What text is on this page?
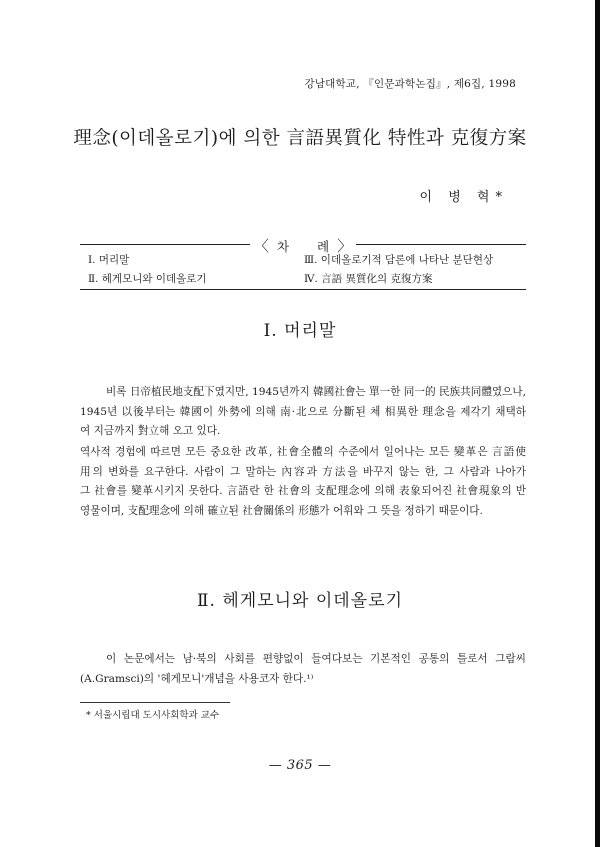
강남대학교, 『인문과학논집』, 제6집, 1998
理念(이데올로기)에 의한 言語異質化 特性과 克復方案
이 병 혁*
〈 차 례
〉
I. 머리말	Ⅲ. 이데올로기적 담론에 나타난 분단현상
Ⅱ. 헤게모니와 이데올로기	Ⅳ. 言語 異質化의 克復方案
Ⅰ. 머리말
비록 日帝植民地支配下였지만, 1945년까지 韓國社會는 單一한 同一的 民族共同體였으나,
1945년 以後부터는 韓國이 外勢에 의해 南·北으로 分斷된 체 相異한 理念을 제각기 채택하
여 지금까지 對立해 오고 있다.
역사적 경험에 따르면 모든 중요한 改革, 社會全體의 수준에서 일어나는 모든 變革은 言語使
用의 변화를 요구한다. 사람이 그 말하는 內容과 方法을 바꾸지 않는 한, 그 사람과 나아가
그 社會를 變革시키지 못한다. 言語란 한 社會의 支配理念에 의해 表象되어진 社會現象의 반
영물이며, 支配理念에 의해 確立된 社會關係의 形態가 어휘와 그 뜻을 정하기 때문이다.
Ⅱ. 헤게모니와 이데올로기
이 논문에서는 남·북의 사회를 편향없이 들여다보는 기본적인 공통의 틀로서 그람씨
(A.Gramsci)의 '헤게모니'개념을 사용코자 한다.¹⁾
* 서울시립대 도시사회학과 교수
— 365 —
